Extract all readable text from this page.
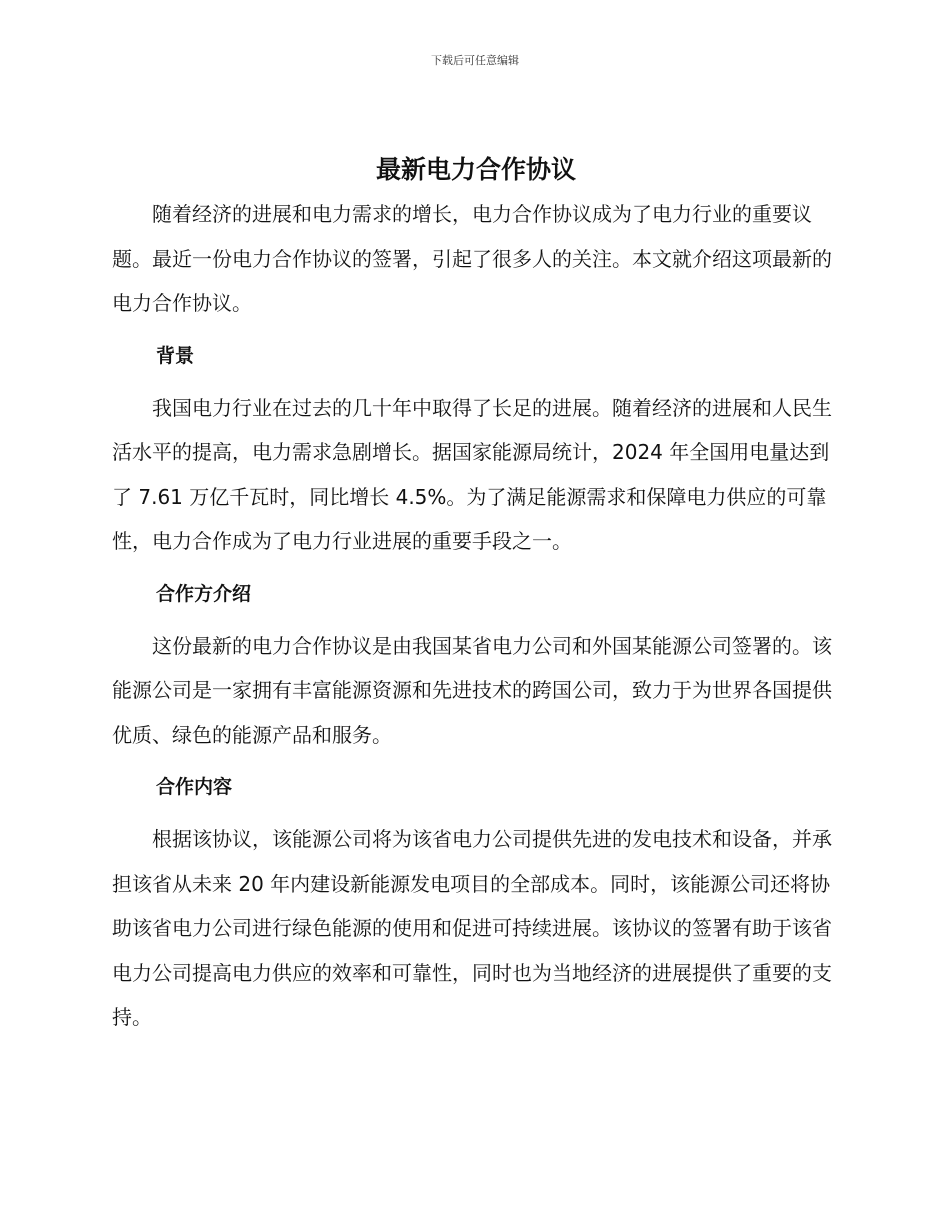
下载后可任意编辑
最新电力合作协议

随着经济的进展和电力需求的增长，电力合作协议成为了电力行业的重要议题。最近一份电力合作协议的签署，引起了很多人的关注。本文就介绍这项最新的电力合作协议。

背景

我国电力行业在过去的几十年中取得了长足的进展。随着经济的进展和人民生活水平的提高，电力需求急剧增长。据国家能源局统计，2024 年全国用电量达到了 7.61 万亿千瓦时，同比增长 4.5%。为了满足能源需求和保障电力供应的可靠性，电力合作成为了电力行业进展的重要手段之一。

合作方介绍

这份最新的电力合作协议是由我国某省电力公司和外国某能源公司签署的。该能源公司是一家拥有丰富能源资源和先进技术的跨国公司，致力于为世界各国提供优质、绿色的能源产品和服务。

合作内容

根据该协议，该能源公司将为该省电力公司提供先进的发电技术和设备，并承担该省从未来 20 年内建设新能源发电项目的全部成本。同时，该能源公司还将协助该省电力公司进行绿色能源的使用和促进可持续进展。该协议的签署有助于该省电力公司提高电力供应的效率和可靠性，同时也为当地经济的进展提供了重要的支持。
